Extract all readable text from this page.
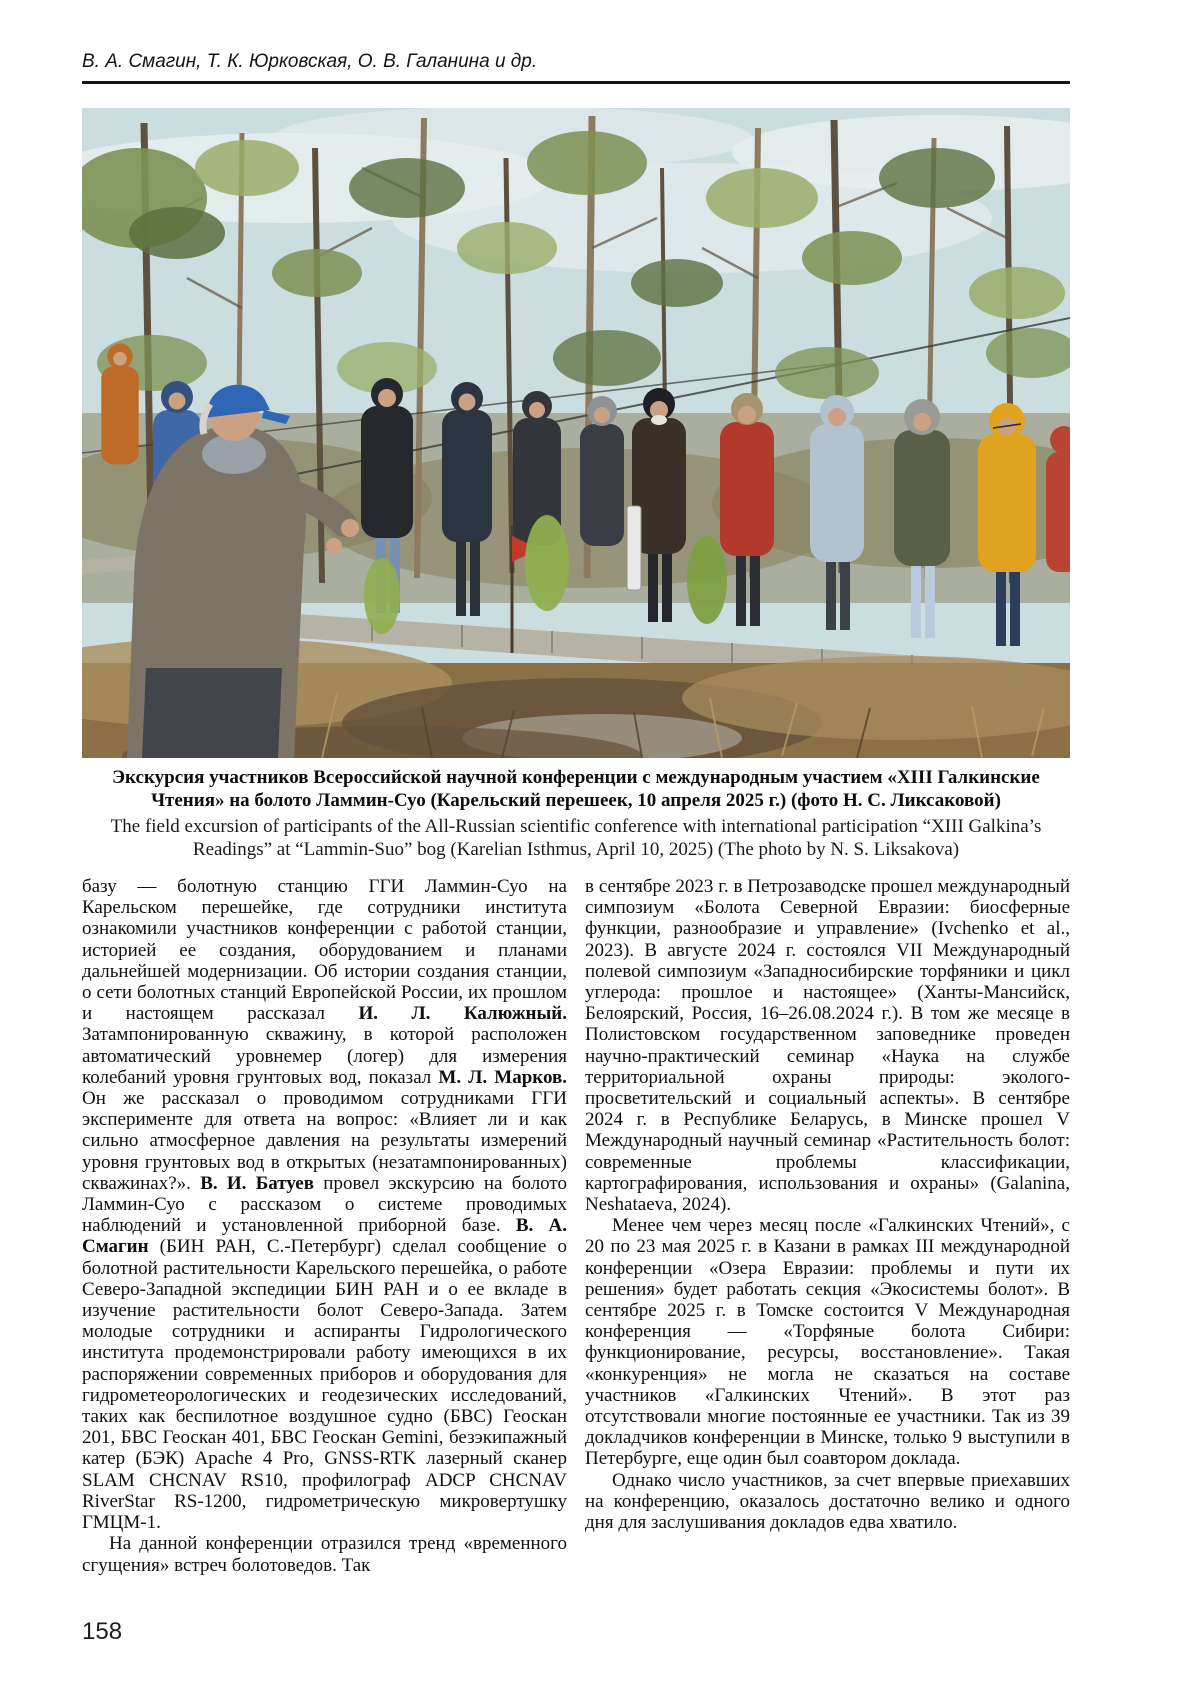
В. А. Смагин, Т. К. Юрковская, О. В. Галанина и др.

Экскурсия участников Всероссийской научной конференции с международным участием «XIII Галкинские Чтения» на болото Ламмин-Суо (Карельский перешеек, 10 апреля 2025 г.) (фото Н. С. Ликсаковой)

The field excursion of participants of the All-Russian scientific conference with international participation “XIII Galkina’s Readings” at “Lammin-Suo” bog (Karelian Isthmus, April 10, 2025) (The photo by N. S. Liksakova)

базу — болотную станцию ГГИ Ламмин-Суо на Карельском перешейке, где сотрудники института ознакомили участников конференции с работой станции, историей ее создания, оборудованием и планами дальнейшей модернизации. Об истории создания станции, о сети болотных станций Европейской России, их прошлом и настоящем рассказал И. Л. Калюжный. Затампонированную скважину, в которой расположен автоматический уровнемер (логер) для измерения колебаний уровня грунтовых вод, показал М. Л. Марков. Он же рассказал о проводимом сотрудниками ГГИ эксперименте для ответа на вопрос: «Влияет ли и как сильно атмосферное давления на результаты измерений уровня грунтовых вод в открытых (незатампонированных) скважинах?». В. И. Батуев провел экскурсию на болото Ламмин-Суо с рассказом о системе проводимых наблюдений и установленной приборной базе. В. А. Смагин (БИН РАН, С.-Петербург) сделал сообщение о болотной растительности Карельского перешейка, о работе Северо-Западной экспедиции БИН РАН и о ее вкладе в изучение растительности болот Северо-Запада. Затем молодые сотрудники и аспиранты Гидрологического института продемонстрировали работу имеющихся в их распоряжении современных приборов и оборудования для гидрометеорологических и геодезических исследований, таких как беспилотное воздушное судно (БВС) Геоскан 201, БВС Геоскан 401, БВС Геоскан Gemini, безэкипажный катер (БЭК) Apache 4 Pro, GNSS-RTK лазерный сканер SLAM CHCNAV RS10, профилограф ADCP CHCNAV RiverStar RS-1200, гидрометрическую микровертушку ГМЦМ-1.

На данной конференции отразился тренд «временного сгущения» встреч болотоведов. Так

в сентябре 2023 г. в Петрозаводске прошел международный симпозиум «Болота Северной Евразии: биосферные функции, разнообразие и управление» (Ivchenko et al., 2023). В августе 2024 г. состоялся VII Международный полевой симпозиум «Западносибирские торфяники и цикл углерода: прошлое и настоящее» (Ханты-Мансийск, Белоярский, Россия, 16–26.08.2024 г.). В том же месяце в Полистовском государственном заповеднике проведен научно-практический семинар «Наука на службе территориальной охраны природы: эколого-просветительский и социальный аспекты». В сентябре 2024 г. в Республике Беларусь, в Минске прошел V Международный научный семинар «Растительность болот: современные проблемы классификации, картографирования, использования и охраны» (Galanina, Neshataeva, 2024).

Менее чем через месяц после «Галкинских Чтений», с 20 по 23 мая 2025 г. в Казани в рамках III международной конференции «Озера Евразии: проблемы и пути их решения» будет работать секция «Экосистемы болот». В сентябре 2025 г. в Томске состоится V Международная конференция — «Торфяные болота Сибири: функционирование, ресурсы, восстановление». Такая «конкуренция» не могла не сказаться на составе участников «Галкинских Чтений». В этот раз отсутствовали многие постоянные ее участники. Так из 39 докладчиков конференции в Минске, только 9 выступили в Петербурге, еще один был соавтором доклада.

Однако число участников, за счет впервые приехавших на конференцию, оказалось достаточно велико и одного дня для заслушивания докладов едва хватило.

158
